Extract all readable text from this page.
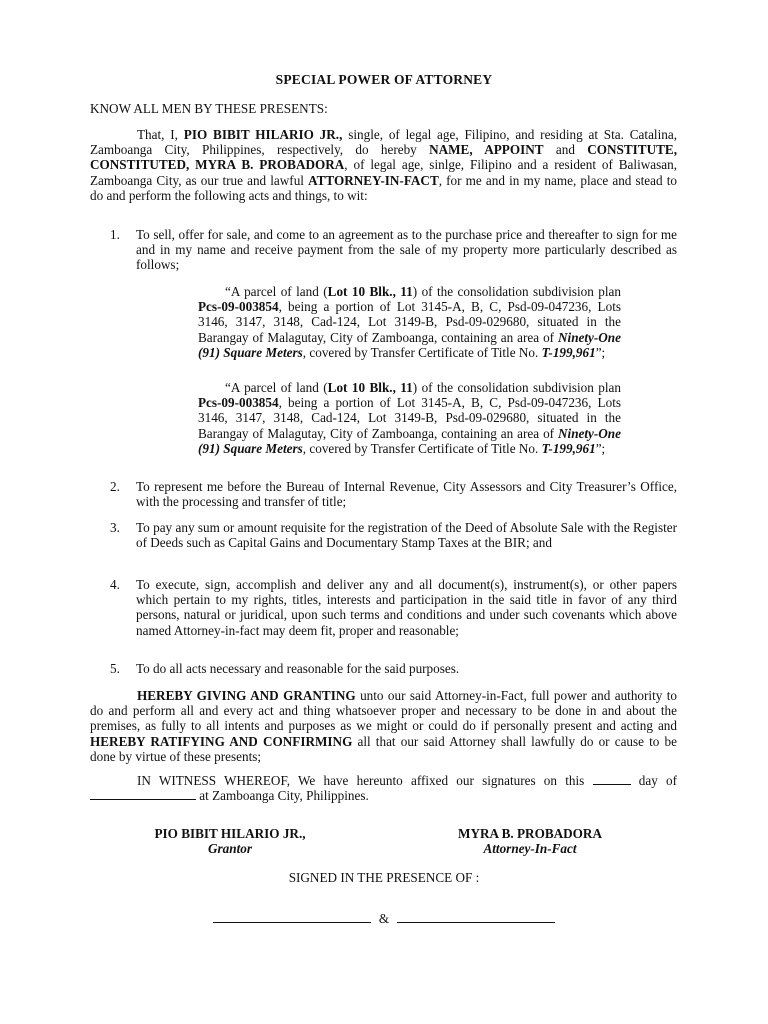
SPECIAL POWER OF ATTORNEY
KNOW ALL MEN BY THESE PRESENTS:
That, I, PIO BIBIT HILARIO JR., single, of legal age, Filipino, and residing at Sta. Catalina, Zamboanga City, Philippines, respectively, do hereby NAME, APPOINT and CONSTITUTE, CONSTITUTED, MYRA B. PROBADORA, of legal age, sinlge, Filipino and a resident of Baliwasan, Zamboanga City, as our true and lawful ATTORNEY-IN-FACT, for me and in my name, place and stead to do and perform the following acts and things, to wit:
1. To sell, offer for sale, and come to an agreement as to the purchase price and thereafter to sign for me and in my name and receive payment from the sale of my property more particularly described as follows;
“A parcel of land (Lot 10 Blk., 11) of the consolidation subdivision plan Pcs-09-003854, being a portion of Lot 3145-A, B, C, Psd-09-047236, Lots 3146, 3147, 3148, Cad-124, Lot 3149-B, Psd-09-029680, situated in the Barangay of Malagutay, City of Zamboanga, containing an area of Ninety-One (91) Square Meters, covered by Transfer Certificate of Title No. T-199,961”;
“A parcel of land (Lot 10 Blk., 11) of the consolidation subdivision plan Pcs-09-003854, being a portion of Lot 3145-A, B, C, Psd-09-047236, Lots 3146, 3147, 3148, Cad-124, Lot 3149-B, Psd-09-029680, situated in the Barangay of Malagutay, City of Zamboanga, containing an area of Ninety-One (91) Square Meters, covered by Transfer Certificate of Title No. T-199,961”;
2. To represent me before the Bureau of Internal Revenue, City Assessors and City Treasurer’s Office, with the processing and transfer of title;
3. To pay any sum or amount requisite for the registration of the Deed of Absolute Sale with the Register of Deeds such as Capital Gains and Documentary Stamp Taxes at the BIR; and
4. To execute, sign, accomplish and deliver any and all document(s), instrument(s), or other papers which pertain to my rights, titles, interests and participation in the said title in favor of any third persons, natural or juridical, upon such terms and conditions and under such covenants which above named Attorney-in-fact may deem fit, proper and reasonable;
5. To do all acts necessary and reasonable for the said purposes.
HEREBY GIVING AND GRANTING unto our said Attorney-in-Fact, full power and authority to do and perform all and every act and thing whatsoever proper and necessary to be done in and about the premises, as fully to all intents and purposes as we might or could do if personally present and acting and HEREBY RATIFYING AND CONFIRMING all that our said Attorney shall lawfully do or cause to be done by virtue of these presents;
IN WITNESS WHEREOF, We have hereunto affixed our signatures on this	day of  at Zamboanga City, Philippines.
PIO BIBIT HILARIO JR.,
Grantor
MYRA B. PROBADORA
Attorney-In-Fact
SIGNED IN THE PRESENCE OF :
&
